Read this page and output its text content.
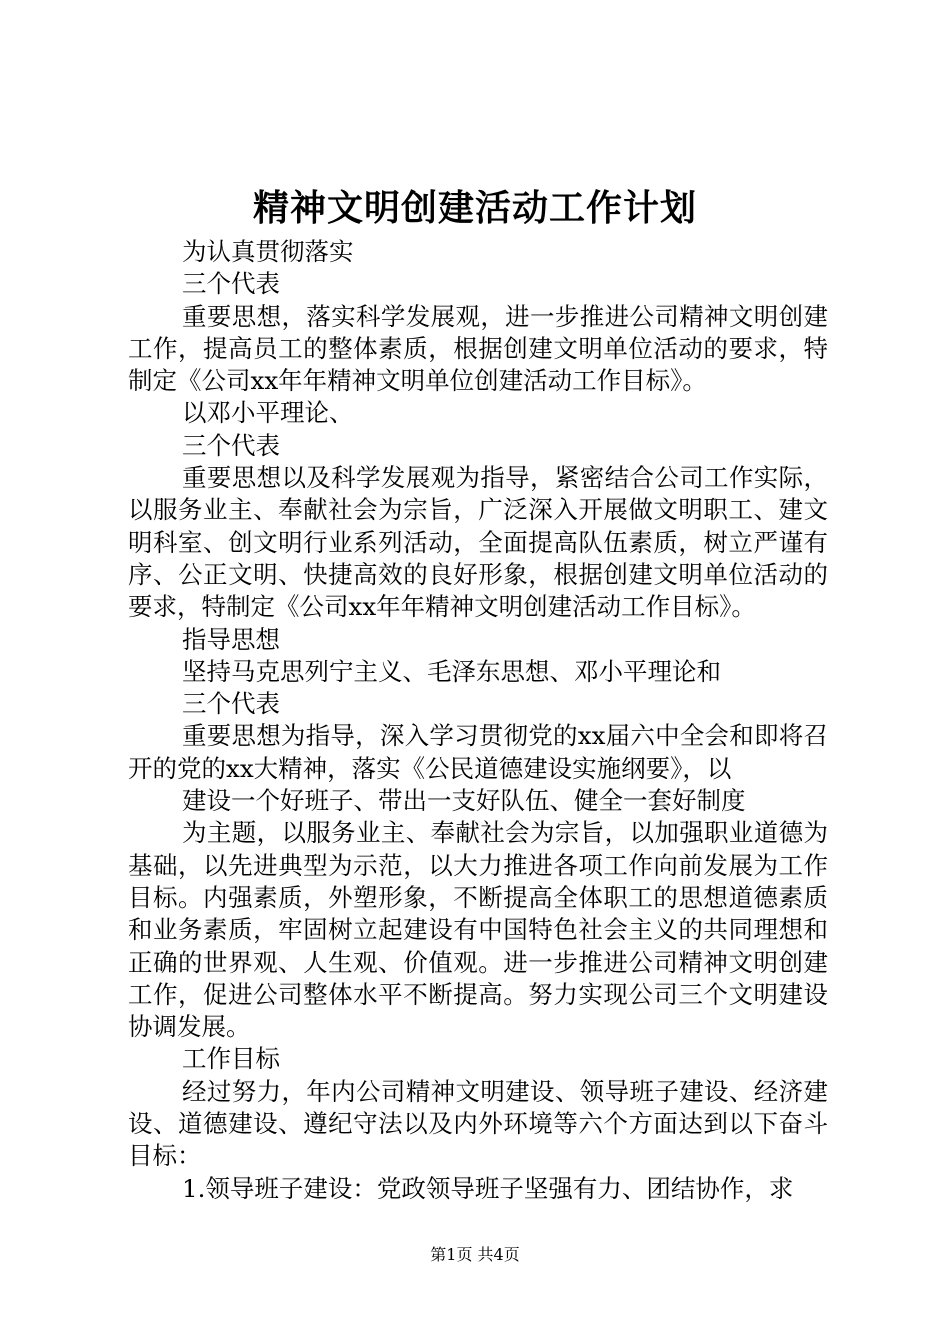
精神文明创建活动工作计划

为认真贯彻落实

三个代表

重要思想，落实科学发展观，进一步推进公司精神文明创建工作，提高员工的整体素质，根据创建文明单位活动的要求，特制定《公司xx年年精神文明单位创建活动工作目标》。

以邓小平理论、

三个代表

重要思想以及科学发展观为指导，紧密结合公司工作实际，以服务业主、奉献社会为宗旨，广泛深入开展做文明职工、建文明科室、创文明行业系列活动，全面提高队伍素质，树立严谨有序、公正文明、快捷高效的良好形象，根据创建文明单位活动的要求，特制定《公司xx年年精神文明创建活动工作目标》。

指导思想

坚持马克思列宁主义、毛泽东思想、邓小平理论和

三个代表

重要思想为指导，深入学习贯彻党的xx届六中全会和即将召开的党的xx大精神，落实《公民道德建设实施纲要》，以

建设一个好班子、带出一支好队伍、健全一套好制度

为主题，以服务业主、奉献社会为宗旨，以加强职业道德为基础，以先进典型为示范，以大力推进各项工作向前发展为工作目标。内强素质，外塑形象，不断提高全体职工的思想道德素质和业务素质，牢固树立起建设有中国特色社会主义的共同理想和正确的世界观、人生观、价值观。进一步推进公司精神文明创建工作，促进公司整体水平不断提高。努力实现公司三个文明建设协调发展。

工作目标

经过努力，年内公司精神文明建设、领导班子建设、经济建设、道德建设、遵纪守法以及内外环境等六个方面达到以下奋斗目标：

1.领导班子建设：党政领导班子坚强有力、团结协作，求

第1页 共4页
